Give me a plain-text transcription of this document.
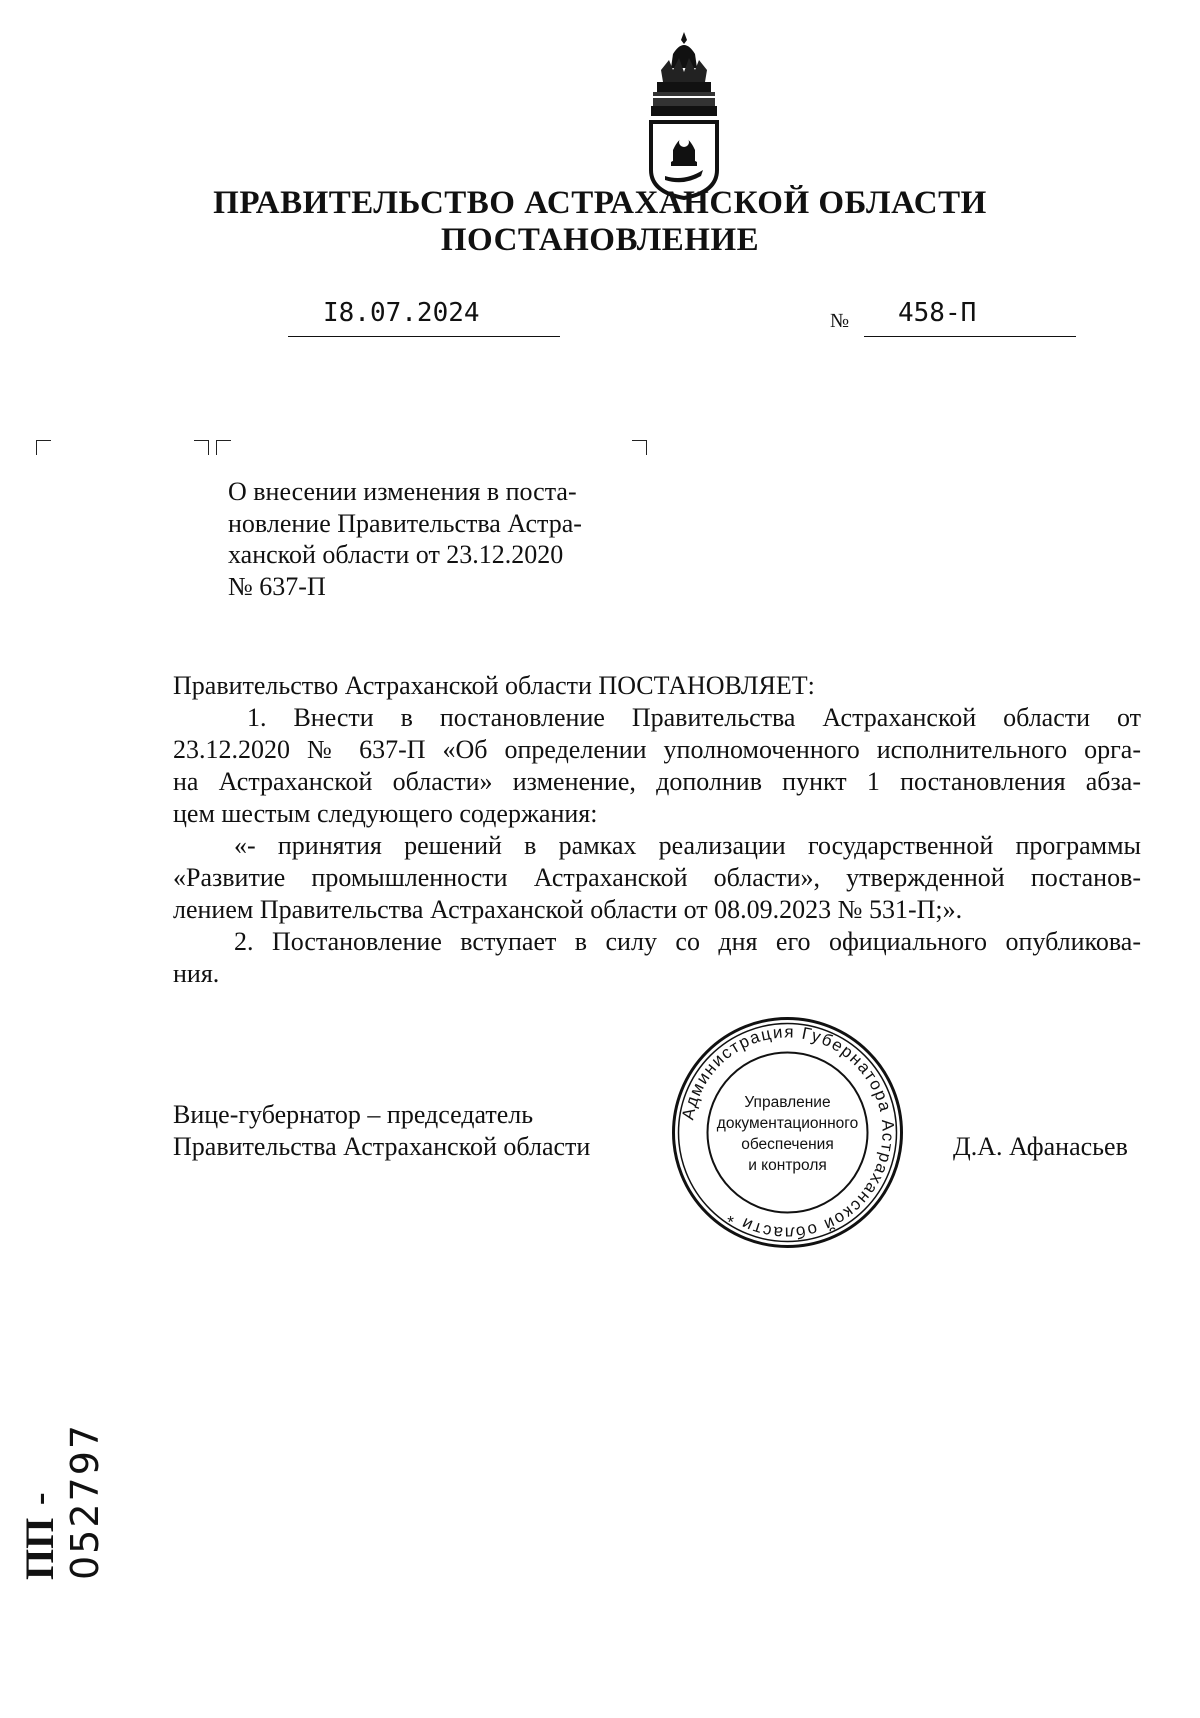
ПРАВИТЕЛЬСТВО АСТРАХАНСКОЙ ОБЛАСТИ
ПОСТАНОВЛЕНИЕ
I8.07.2024	№ 458-П
О внесении изменения в поста-
новление Правительства Астра-
ханской области от 23.12.2020
№ 637-П
Правительство Астраханской области ПОСТАНОВЛЯЕТ:
1. Внести в постановление Правительства Астраханской области от
23.12.2020 № 637-П «Об определении уполномоченного исполнительного орга-
на Астраханской области» изменение, дополнив пункт 1 постановления абза-
цем шестым следующего содержания:
«- принятия решений в рамках реализации государственной программы
«Развитие промышленности Астраханской области», утвержденной постанов-
лением Правительства Астраханской области от 08.09.2023 № 531-П;».
2. Постановление вступает в силу со дня его официального опубликова-
ния.
Вице-губернатор – председатель
Правительства Астраханской области	Д.А. Афанасьев
Администрация Губернатора Астраханской области *
Управление
документационного
обеспечения
и контроля
ПП - 052797
